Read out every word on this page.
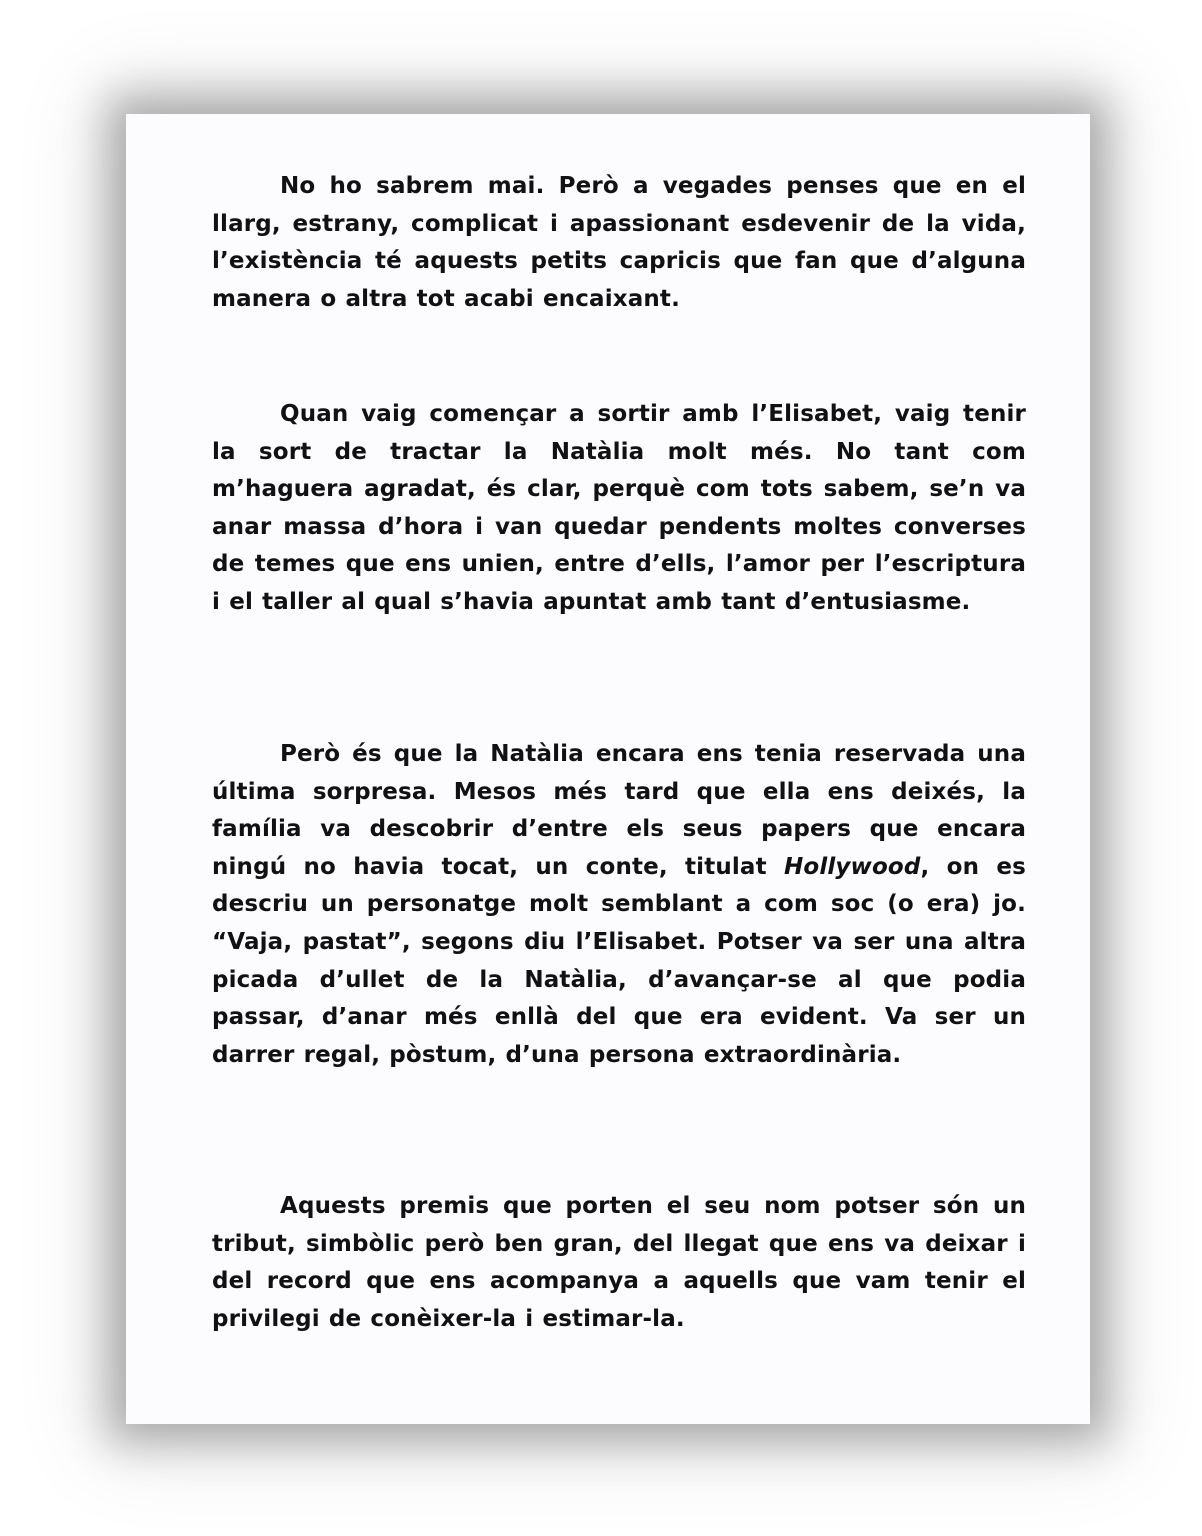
No ho sabrem mai. Però a vegades penses que en el llarg, estrany, complicat i apassionant esdevenir de la vida, l’existència té aquests petits capricis que fan que d’alguna manera o altra tot acabi encaixant.

Quan vaig començar a sortir amb l’Elisabet, vaig tenir la sort de tractar la Natàlia molt més. No tant com m’haguera agradat, és clar, perquè com tots sabem, se’n va anar massa d’hora i van quedar pendents moltes converses de temes que ens unien, entre d’ells, l’amor per l’escriptura i el taller al qual s’havia apuntat amb tant d’entusiasme.

Però és que la Natàlia encara ens tenia reservada una última sorpresa. Mesos més tard que ella ens deixés, la família va descobrir d’entre els seus papers que encara ningú no havia tocat, un conte, titulat Hollywood, on es descriu un personatge molt semblant a com soc (o era) jo. “Vaja, pastat”, segons diu l’Elisabet. Potser va ser una altra picada d’ullet de la Natàlia, d’avançar-se al que podia passar, d’anar més enllà del que era evident. Va ser un darrer regal, pòstum, d’una persona extraordinària.

Aquests premis que porten el seu nom potser són un tribut, simbòlic però ben gran, del llegat que ens va deixar i del record que ens acompanya a aquells que vam tenir el privilegi de conèixer-la i estimar-la.
